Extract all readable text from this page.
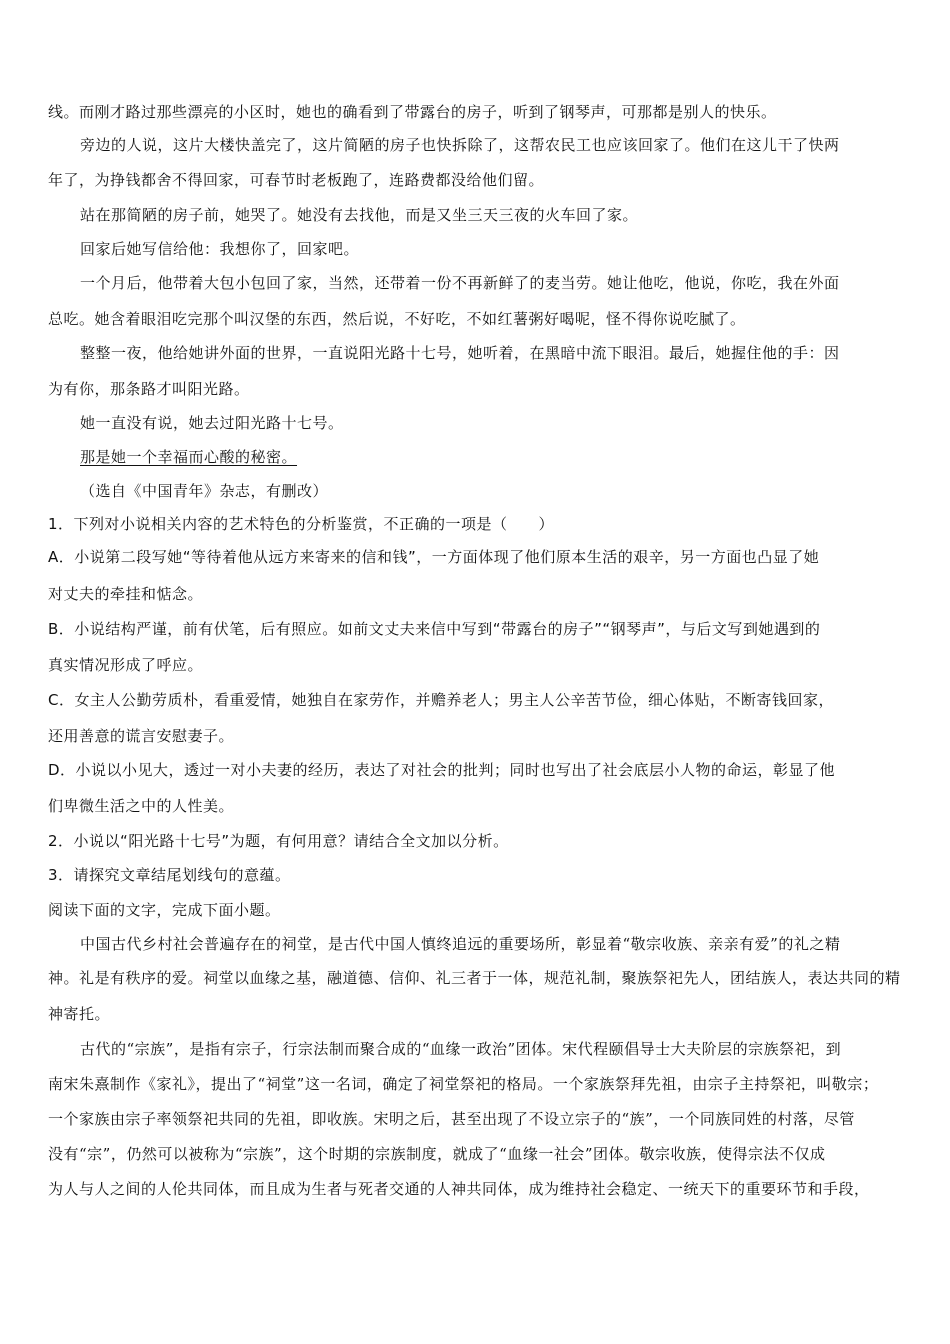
线。而刚才路过那些漂亮的小区时，她也的确看到了带露台的房子，听到了钢琴声，可那都是别人的快乐。
旁边的人说，这片大楼快盖完了，这片简陋的房子也快拆除了，这帮农民工也应该回家了。他们在这儿干了快两
年了，为挣钱都舍不得回家，可春节时老板跑了，连路费都没给他们留。
站在那简陋的房子前，她哭了。她没有去找他，而是又坐三天三夜的火车回了家。
回家后她写信给他：我想你了，回家吧。
一个月后，他带着大包小包回了家，当然，还带着一份不再新鲜了的麦当劳。她让他吃，他说，你吃，我在外面
总吃。她含着眼泪吃完那个叫汉堡的东西，然后说，不好吃，不如红薯粥好喝呢，怪不得你说吃腻了。
整整一夜，他给她讲外面的世界，一直说阳光路十七号，她听着，在黑暗中流下眼泪。最后，她握住他的手：因
为有你，那条路才叫阳光路。
她一直没有说，她去过阳光路十七号。
那是她一个幸福而心酸的秘密。
（选自《中国青年》杂志，有删改）
1．下列对小说相关内容的艺术特色的分析鉴赏，不正确的一项是（　　）
A．小说第二段写她“等待着他从远方来寄来的信和钱”，一方面体现了他们原本生活的艰辛，另一方面也凸显了她
对丈夫的牵挂和惦念。
B．小说结构严谨，前有伏笔，后有照应。如前文丈夫来信中写到“带露台的房子”“钢琴声”，与后文写到她遇到的
真实情况形成了呼应。
C．女主人公勤劳质朴，看重爱情，她独自在家劳作，并赡养老人；男主人公辛苦节俭，细心体贴，不断寄钱回家，
还用善意的谎言安慰妻子。
D．小说以小见大，透过一对小夫妻的经历，表达了对社会的批判；同时也写出了社会底层小人物的命运，彰显了他
们卑微生活之中的人性美。
2．小说以“阳光路十七号”为题，有何用意？请结合全文加以分析。
3．请探究文章结尾划线句的意蕴。
阅读下面的文字，完成下面小题。
中国古代乡村社会普遍存在的祠堂，是古代中国人慎终追远的重要场所，彰显着“敬宗收族、亲亲有爱”的礼之精
神。礼是有秩序的爱。祠堂以血缘之基，融道德、信仰、礼三者于一体，规范礼制，聚族祭祀先人，团结族人，表达共同的精
神寄托。
古代的“宗族”，是指有宗子，行宗法制而聚合成的“血缘一政治”团体。宋代程颐倡导士大夫阶层的宗族祭祀，到
南宋朱熹制作《家礼》，提出了“祠堂”这一名词，确定了祠堂祭祀的格局。一个家族祭拜先祖，由宗子主持祭祀，叫敬宗；
一个家族由宗子率领祭祀共同的先祖，即收族。宋明之后，甚至出现了不设立宗子的“族”，一个同族同姓的村落，尽管
没有“宗”，仍然可以被称为“宗族”，这个时期的宗族制度，就成了“血缘一社会”团体。敬宗收族，使得宗法不仅成
为人与人之间的人伦共同体，而且成为生者与死者交通的人神共同体，成为维持社会稳定、一统天下的重要环节和手段，
